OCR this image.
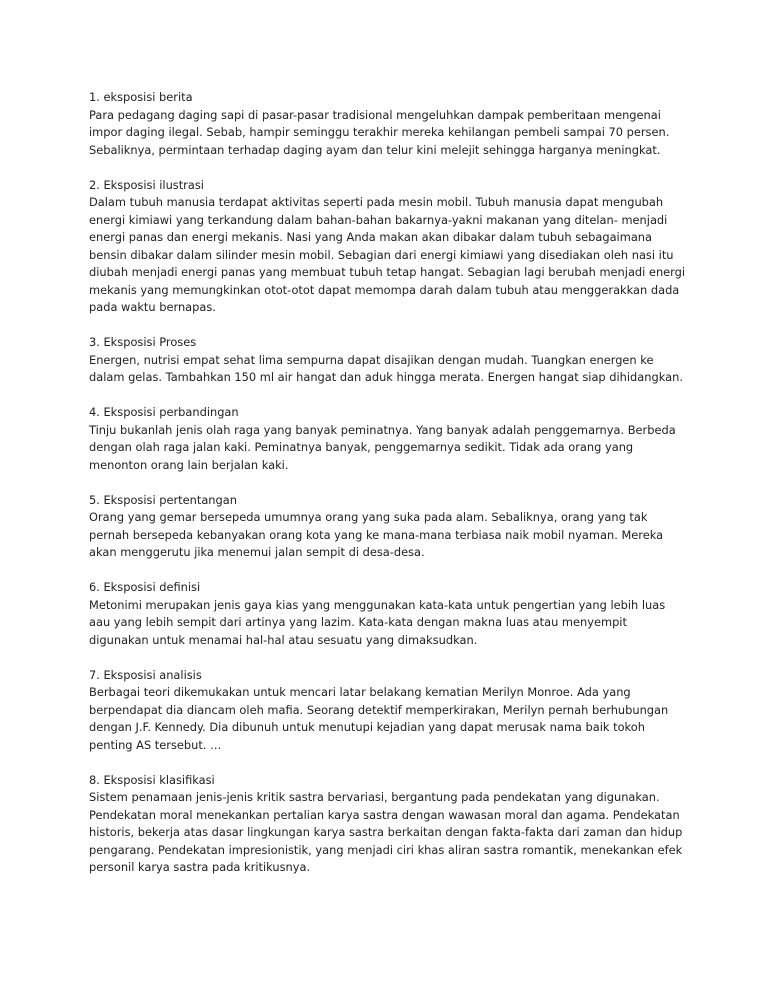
1. eksposisi berita

Para pedagang daging sapi di pasar-pasar tradisional mengeluhkan dampak pemberitaan mengenai impor daging ilegal. Sebab, hampir seminggu terakhir mereka kehilangan pembeli sampai 70 persen. Sebaliknya, permintaan terhadap daging ayam dan telur kini melejit sehingga harganya meningkat.

2. Eksposisi ilustrasi

Dalam tubuh manusia terdapat aktivitas seperti pada mesin mobil. Tubuh manusia dapat mengubah energi kimiawi yang terkandung dalam bahan-bahan bakarnya-yakni makanan yang ditelan- menjadi energi panas dan energi mekanis. Nasi yang Anda makan akan dibakar dalam tubuh sebagaimana bensin dibakar dalam silinder mesin mobil. Sebagian dari energi kimiawi yang disediakan oleh nasi itu diubah menjadi energi panas yang membuat tubuh tetap hangat. Sebagian lagi berubah menjadi energi mekanis yang memungkinkan otot-otot dapat memompa darah dalam tubuh atau menggerakkan dada pada waktu bernapas.

3. Eksposisi Proses

Energen, nutrisi empat sehat lima sempurna dapat disajikan dengan mudah. Tuangkan energen ke dalam gelas. Tambahkan 150 ml air hangat dan aduk hingga merata. Energen hangat siap dihidangkan.

4. Eksposisi perbandingan

Tinju bukanlah jenis olah raga yang banyak peminatnya. Yang banyak adalah penggemarnya. Berbeda dengan olah raga jalan kaki. Peminatnya banyak, penggemarnya sedikit. Tidak ada orang yang menonton orang lain berjalan kaki.

5. Eksposisi pertentangan

Orang yang gemar bersepeda umumnya orang yang suka pada alam. Sebaliknya, orang yang tak pernah bersepeda kebanyakan orang kota yang ke mana-mana terbiasa naik mobil nyaman. Mereka akan menggerutu jika menemui jalan sempit di desa-desa.

6. Eksposisi definisi

Metonimi merupakan jenis gaya kias yang menggunakan kata-kata untuk pengertian yang lebih luas aau yang lebih sempit dari artinya yang lazim. Kata-kata dengan makna luas atau menyempit digunakan untuk menamai hal-hal atau sesuatu yang dimaksudkan.

7. Eksposisi analisis

Berbagai teori dikemukakan untuk mencari latar belakang kematian Merilyn Monroe. Ada yang berpendapat dia diancam oleh mafia. Seorang detektif memperkirakan, Merilyn pernah berhubungan dengan J.F. Kennedy. Dia dibunuh untuk menutupi kejadian yang dapat merusak nama baik tokoh penting AS tersebut. …

8. Eksposisi klasifikasi

Sistem penamaan jenis-jenis kritik sastra bervariasi, bergantung pada pendekatan yang digunakan. Pendekatan moral menekankan pertalian karya sastra dengan wawasan moral dan agama. Pendekatan historis, bekerja atas dasar lingkungan karya sastra berkaitan dengan fakta-fakta dari zaman dan hidup pengarang. Pendekatan impresionistik, yang menjadi ciri khas aliran sastra romantik, menekankan efek personil karya sastra pada kritikusnya.
